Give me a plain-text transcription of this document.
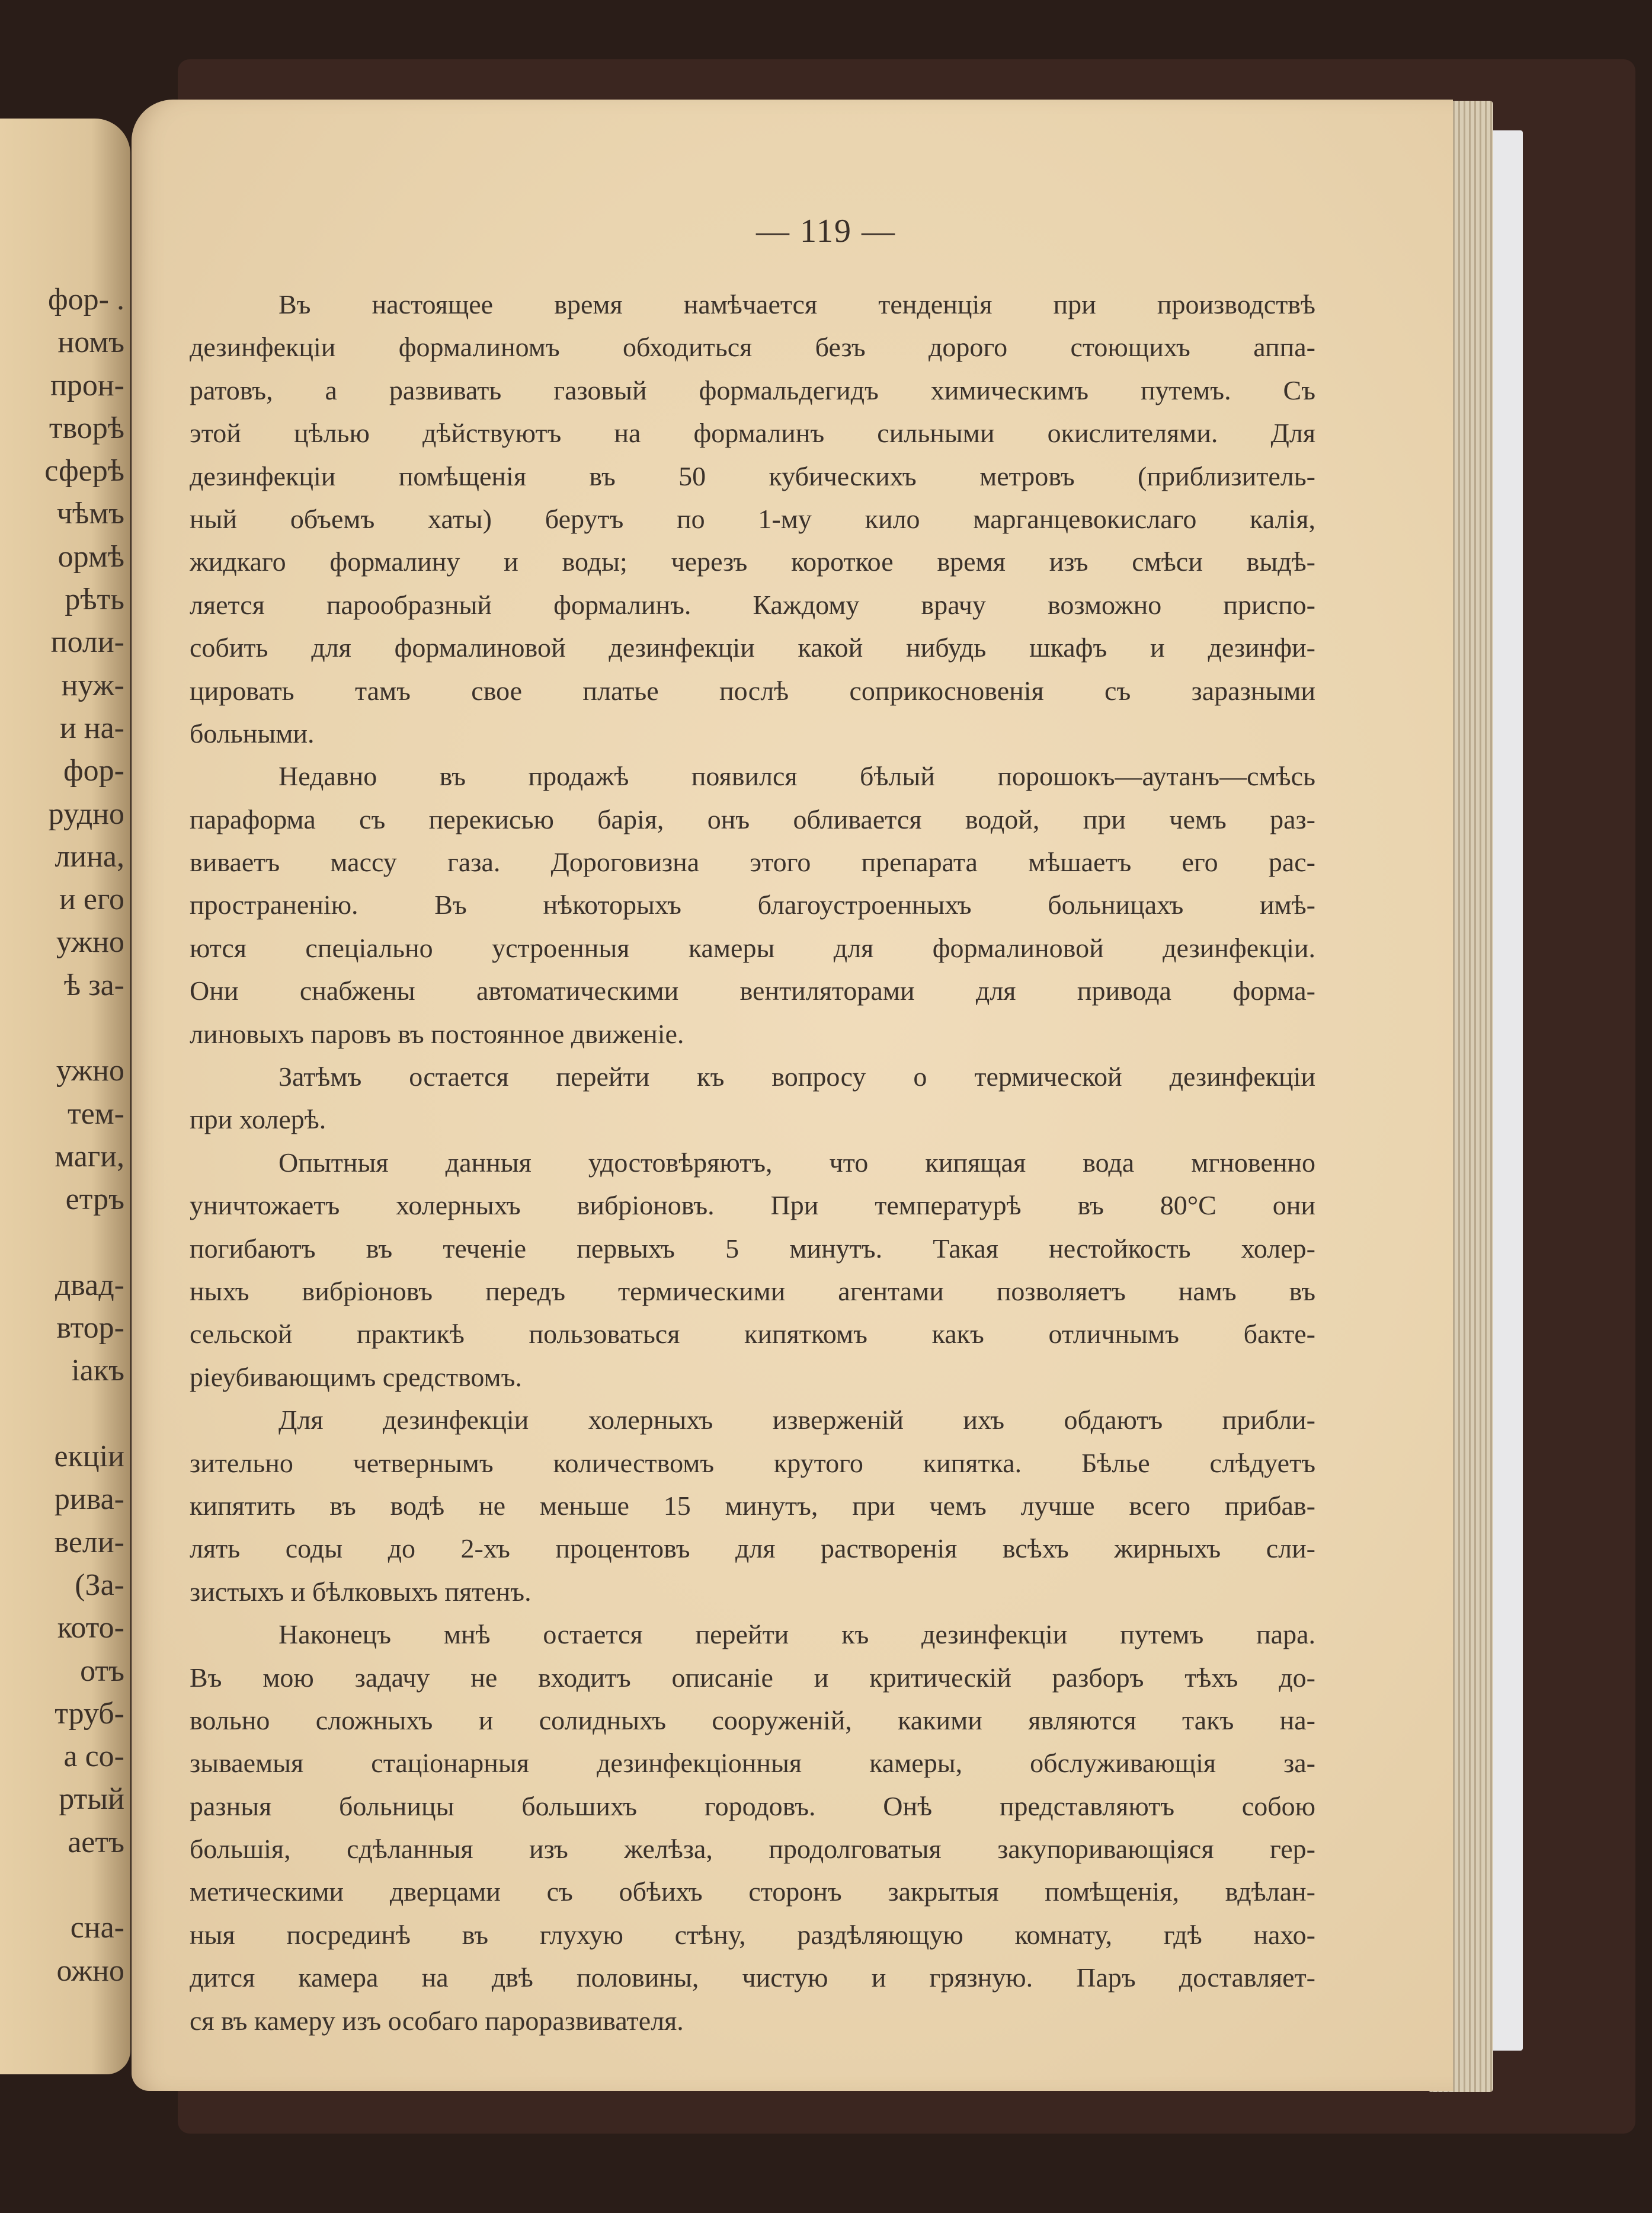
фор- .
номъ
прон-
творѣ
сферѣ
чѣмъ
ормѣ
рѣть
поли-
нуж-
и на-
фор-
рудно
лина,
и его
ужно
ѣ за-
ужно
тем-
маги,
етръ
двад-
втор-
iакъ
екцiи
рива-
вели-
(За-
кото-
отъ
труб-
а со-
ртый
аетъ
сна-
ожно
— 119 —
Въ настоящее время намѣчается тенденцiя при производствѣ
дезинфекцiи формалиномъ обходиться безъ дорого стоющихъ аппа-
ратовъ, а развивать газовый формальдегидъ химическимъ путемъ. Съ
этой цѣлью дѣйствуютъ на формалинъ сильными окислителями. Для
дезинфекцiи помѣщенiя въ 50 кубическихъ метровъ (приблизитель-
ный объемъ хаты) берутъ по 1-му кило марганцевокислаго калiя,
жидкаго формалину и воды; черезъ короткое время изъ смѣси выдѣ-
ляется парообразный формалинъ. Каждому врачу возможно приспо-
собить для формалиновой дезинфекцiи какой нибудь шкафъ и дезинфи-
цировать тамъ свое платье послѣ соприкосновенiя съ заразными
больными.
Недавно въ продажѣ появился бѣлый порошокъ—аутанъ—смѣсь
параформа съ перекисью барiя, онъ обливается водой, при чемъ раз-
виваетъ массу газа. Дороговизна этого препарата мѣшаетъ его рас-
пространенiю. Въ нѣкоторыхъ благоустроенныхъ больницахъ имѣ-
ются спецiально устроенныя камеры для формалиновой дезинфекцiи.
Они снабжены автоматическими вентиляторами для привода форма-
линовыхъ паровъ въ постоянное движенiе.
Затѣмъ остается перейти къ вопросу о термической дезинфекцiи
при холерѣ.
Опытныя данныя удостовѣряютъ, что кипящая вода мгновенно
уничтожаетъ холерныхъ вибрiоновъ. При температурѣ въ 80°С они
погибаютъ въ теченiе первыхъ 5 минутъ. Такая нестойкость холер-
ныхъ вибрiоновъ передъ термическими агентами позволяетъ намъ въ
сельской практикѣ пользоваться кипяткомъ какъ отличнымъ бакте-
рiеубивающимъ средствомъ.
Для дезинфекцiи холерныхъ изверженiй ихъ обдаютъ прибли-
зительно четвернымъ количествомъ крутого кипятка. Бѣлье слѣдуетъ
кипятить въ водѣ не меньше 15 минутъ, при чемъ лучше всего прибав-
лять соды до 2-хъ процентовъ для растворенiя всѣхъ жирныхъ сли-
зистыхъ и бѣлковыхъ пятенъ.
Наконецъ мнѣ остается перейти къ дезинфекцiи путемъ пара.
Въ мою задачу не входитъ описанiе и критическiй разборъ тѣхъ до-
вольно сложныхъ и солидныхъ сооруженiй, какими являются такъ на-
зываемыя стацiонарныя дезинфекцiонныя камеры, обслуживающiя за-
разныя больницы большихъ городовъ. Онѣ представляютъ собою
большiя, сдѣланныя изъ желѣза, продолговатыя закупоривающiяся гер-
метическими дверцами съ обѣихъ сторонъ закрытыя помѣщенiя, вдѣлан-
ныя посрединѣ въ глухую стѣну, раздѣляющую комнату, гдѣ нахо-
дится камера на двѣ половины, чистую и грязную. Паръ доставляет-
ся въ камеру изъ особаго пароразвивателя.
